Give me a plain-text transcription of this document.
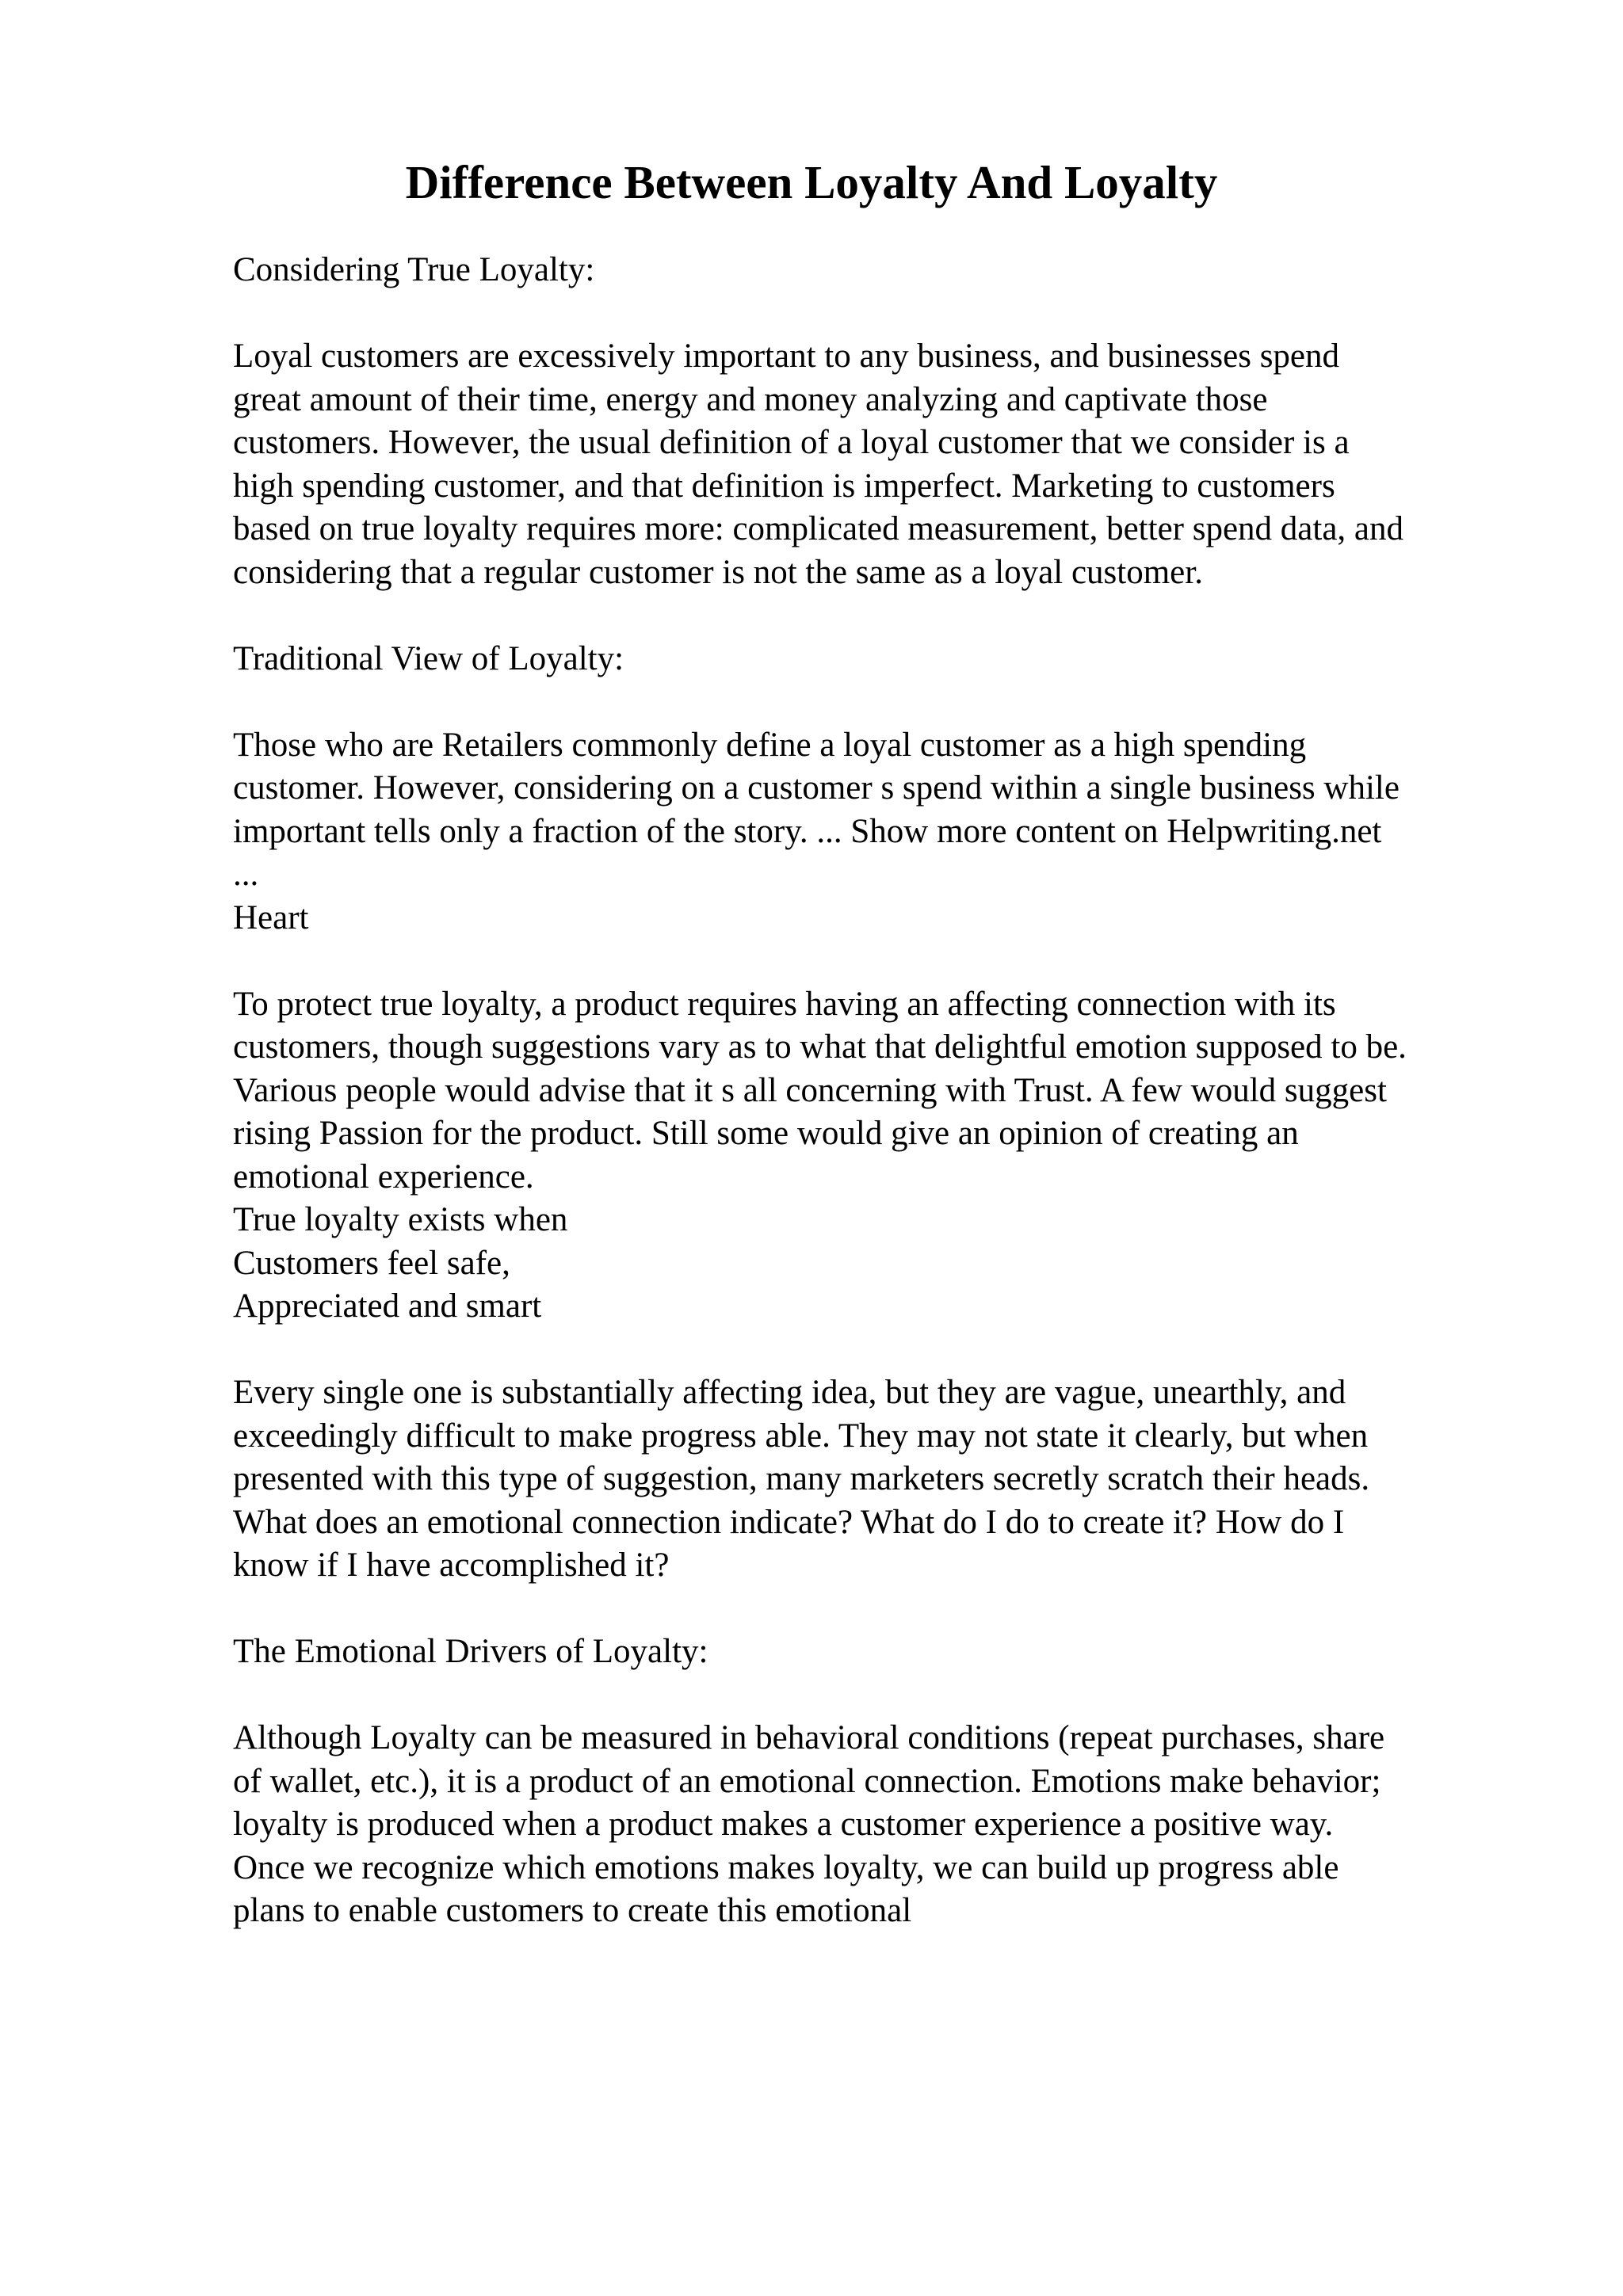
Difference Between Loyalty And Loyalty
Considering True Loyalty:
Loyal customers are excessively important to any business, and businesses spend
great amount of their time, energy and money analyzing and captivate those
customers. However, the usual definition of a loyal customer that we consider is a
high spending customer, and that definition is imperfect. Marketing to customers
based on true loyalty requires more: complicated measurement, better spend data, and
considering that a regular customer is not the same as a loyal customer.
Traditional View of Loyalty:
Those who are Retailers commonly define a loyal customer as a high spending
customer. However, considering on a customer s spend within a single business while
important tells only a fraction of the story. ... Show more content on Helpwriting.net
...
Heart
To protect true loyalty, a product requires having an affecting connection with its
customers, though suggestions vary as to what that delightful emotion supposed to be.
Various people would advise that it s all concerning with Trust. A few would suggest
rising Passion for the product. Still some would give an opinion of creating an
emotional experience.
True loyalty exists when
Customers feel safe,
Appreciated and smart
Every single one is substantially affecting idea, but they are vague, unearthly, and
exceedingly difficult to make progress able. They may not state it clearly, but when
presented with this type of suggestion, many marketers secretly scratch their heads.
What does an emotional connection indicate? What do I do to create it? How do I
know if I have accomplished it?
The Emotional Drivers of Loyalty:
Although Loyalty can be measured in behavioral conditions (repeat purchases, share
of wallet, etc.), it is a product of an emotional connection. Emotions make behavior;
loyalty is produced when a product makes a customer experience a positive way.
Once we recognize which emotions makes loyalty, we can build up progress able
plans to enable customers to create this emotional
